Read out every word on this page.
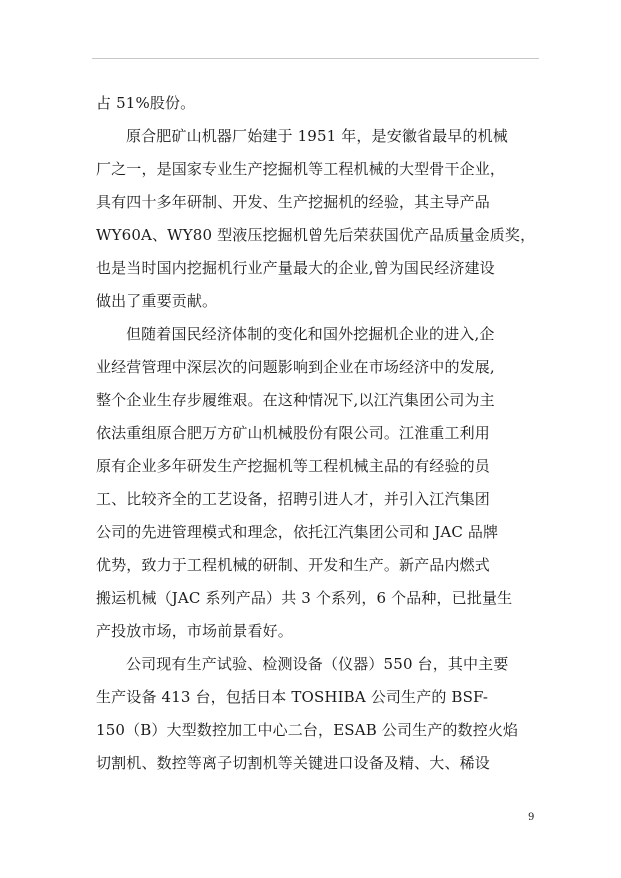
占 51%股份。
原合肥矿山机器厂始建于 1951 年，是安徽省最早的机械
厂之一，是国家专业生产挖掘机等工程机械的大型骨干企业，
具有四十多年研制、开发、生产挖掘机的经验，其主导产品
WY60A、WY80 型液压挖掘机曾先后荣获国优产品质量金质奖，
也是当时国内挖掘机行业产量最大的企业,曾为国民经济建设
做出了重要贡献。
但随着国民经济体制的变化和国外挖掘机企业的进入,企
业经营管理中深层次的问题影响到企业在市场经济中的发展,
整个企业生存步履维艰。在这种情况下,以江汽集团公司为主
依法重组原合肥万方矿山机械股份有限公司。江淮重工利用
原有企业多年研发生产挖掘机等工程机械主品的有经验的员
工、比较齐全的工艺设备，招聘引进人才，并引入江汽集团
公司的先进管理模式和理念，依托江汽集团公司和 JAC 品牌
优势，致力于工程机械的研制、开发和生产。新产品内燃式
搬运机械（JAC 系列产品）共 3 个系列，6 个品种，已批量生
产投放市场，市场前景看好。
公司现有生产试验、检测设备（仪器）550 台，其中主要
生产设备 413 台，包括日本 TOSHIBA 公司生产的 BSF-
150（B）大型数控加工中心二台，ESAB 公司生产的数控火焰
切割机、数控等离子切割机等关键进口设备及精、大、稀设
9
